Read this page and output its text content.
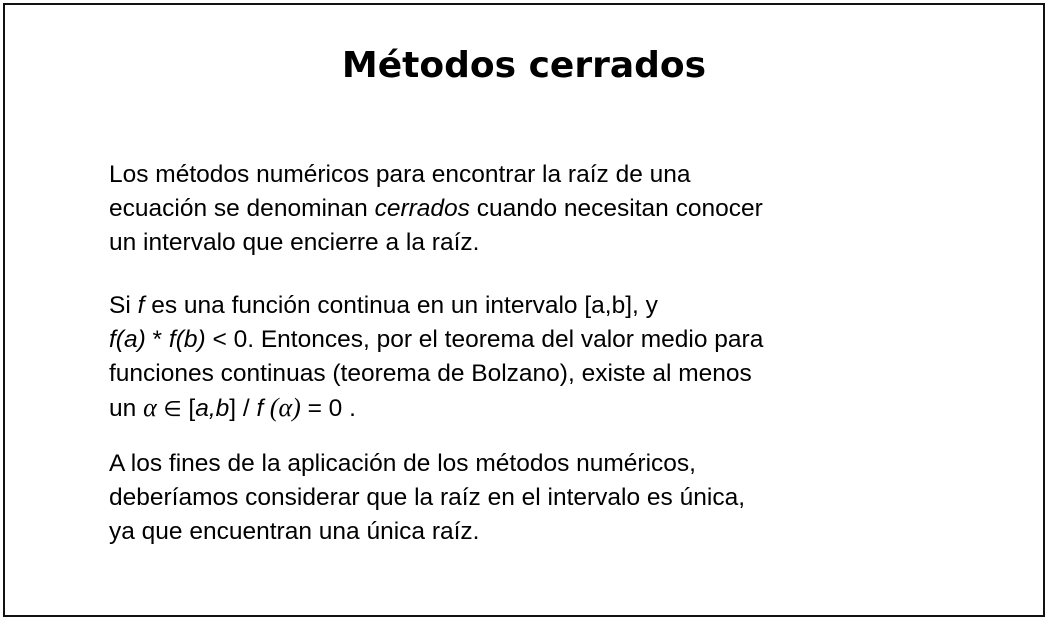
Métodos cerrados

Los métodos numéricos para encontrar la raíz de una
ecuación se denominan cerrados cuando necesitan conocer
un intervalo que encierre a la raíz.

Si f es una función continua en un intervalo [a,b], y
f(a) * f(b) < 0. Entonces, por el teorema del valor medio para
funciones continuas (teorema de Bolzano), existe al menos
un α ∈ [a,b] / f (α) = 0 .

A los fines de la aplicación de los métodos numéricos,
deberíamos considerar que la raíz en el intervalo es única,
ya que encuentran una única raíz.
